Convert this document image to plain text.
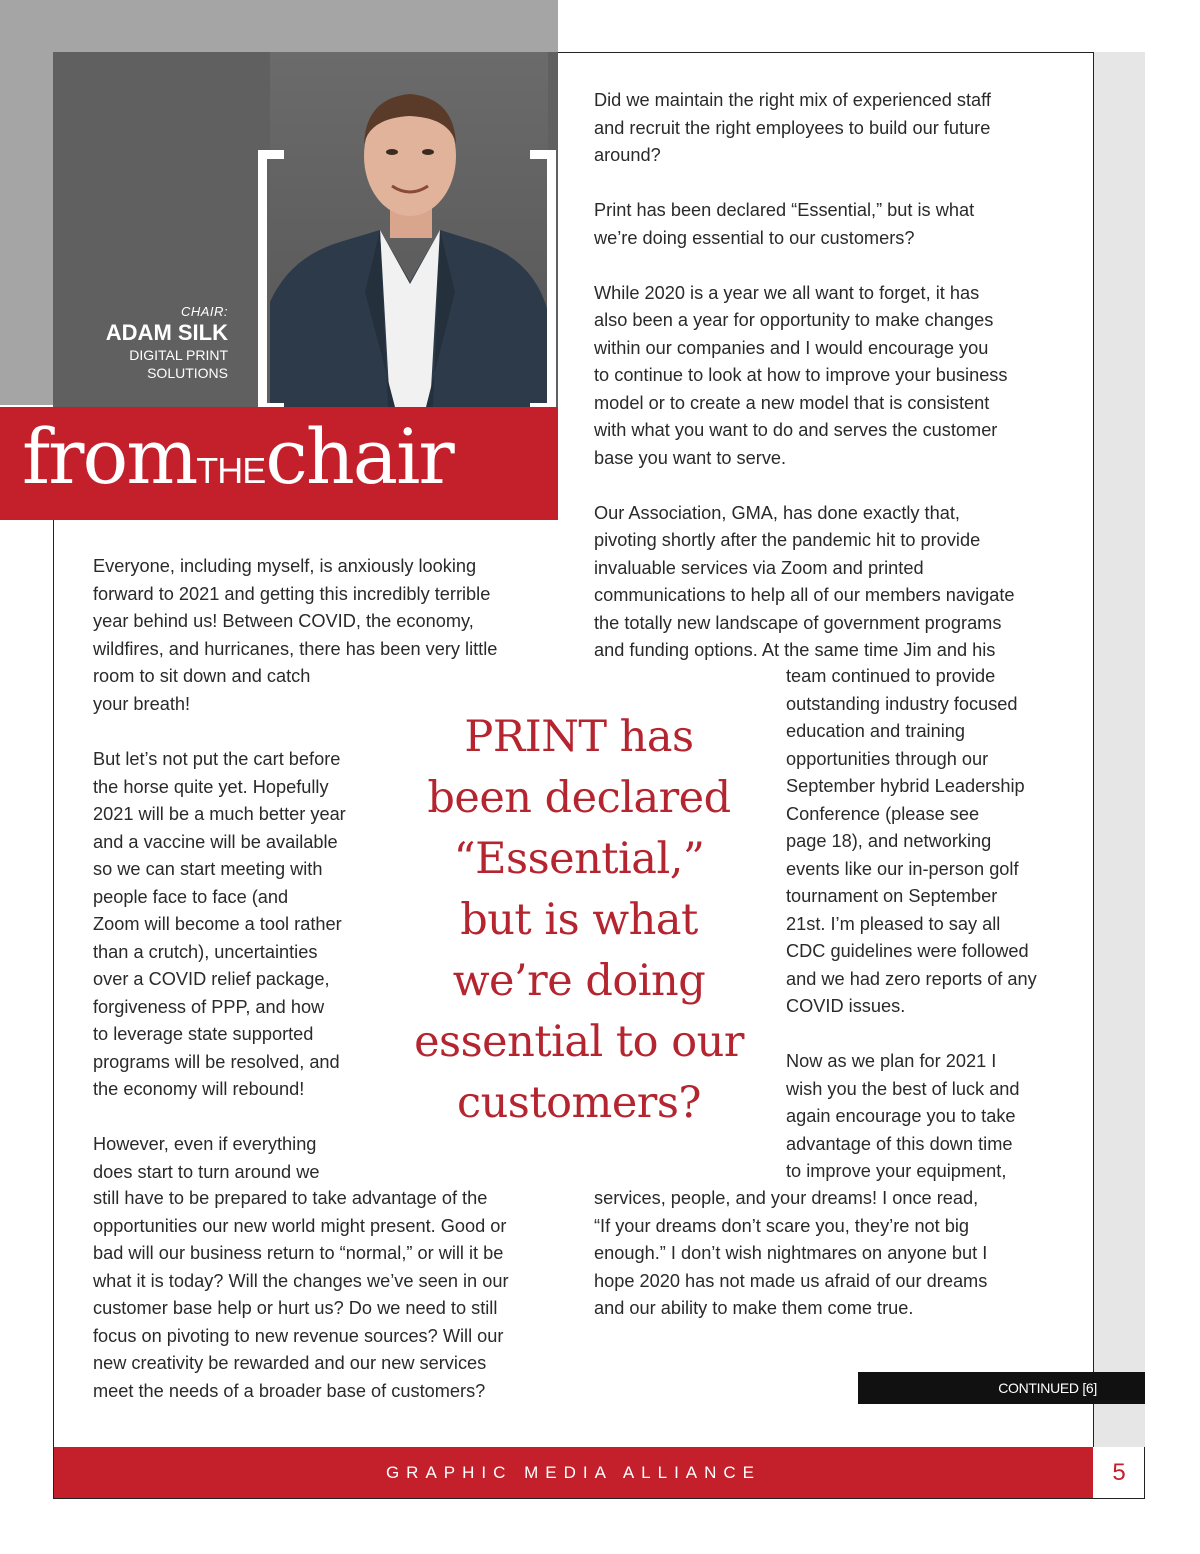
CHAIR:
ADAM SILK
DIGITAL PRINT
SOLUTIONS
fromTHEchair
Everyone, including myself, is anxiously looking
forward to 2021 and getting this incredibly terrible
year behind us! Between COVID, the economy,
wildfires, and hurricanes, there has been very little
room to sit down and catch
your breath!
But let’s not put the cart before
the horse quite yet. Hopefully
2021 will be a much better year
and a vaccine will be available
so we can start meeting with
people face to face (and
Zoom will become a tool rather
than a crutch), uncertainties
over a COVID relief package,
forgiveness of PPP, and how
to leverage state supported
programs will be resolved, and
the economy will rebound!

However, even if everything
does start to turn around we
still have to be prepared to take advantage of the
opportunities our new world might present. Good or
bad will our business return to “normal,” or will it be
what it is today? Will the changes we’ve seen in our
customer base help or hurt us? Do we need to still
focus on pivoting to new revenue sources? Will our
new creativity be rewarded and our new services
meet the needs of a broader base of customers?
Did we maintain the right mix of experienced staff
and recruit the right employees to build our future
around?

Print has been declared “Essential,” but is what
we’re doing essential to our customers?

While 2020 is a year we all want to forget, it has
also been a year for opportunity to make changes
within our companies and I would encourage you
to continue to look at how to improve your business
model or to create a new model that is consistent
with what you want to do and serves the customer
base you want to serve.

Our Association, GMA, has done exactly that,
pivoting shortly after the pandemic hit to provide
invaluable services via Zoom and printed
communications to help all of our members navigate
the totally new landscape of government programs
and funding options. At the same time Jim and his
team continued to provide
outstanding industry focused
education and training
opportunities through our
September hybrid Leadership
Conference (please see
page 18), and networking
events like our in-person golf
tournament on September
21st. I’m pleased to say all
CDC guidelines were followed
and we had zero reports of any
COVID issues.

Now as we plan for 2021 I
wish you the best of luck and
again encourage you to take
advantage of this down time
to improve your equipment,
services, people, and your dreams! I once read,
“If your dreams don’t scare you, they’re not big
enough.” I don’t wish nightmares on anyone but I
hope 2020 has not made us afraid of our dreams
and our ability to make them come true.
PRINT has
been declared
“Essential,”
but is what
we’re doing
essential to our
customers?
CONTINUED [6]
GRAPHIC MEDIA ALLIANCE	5
